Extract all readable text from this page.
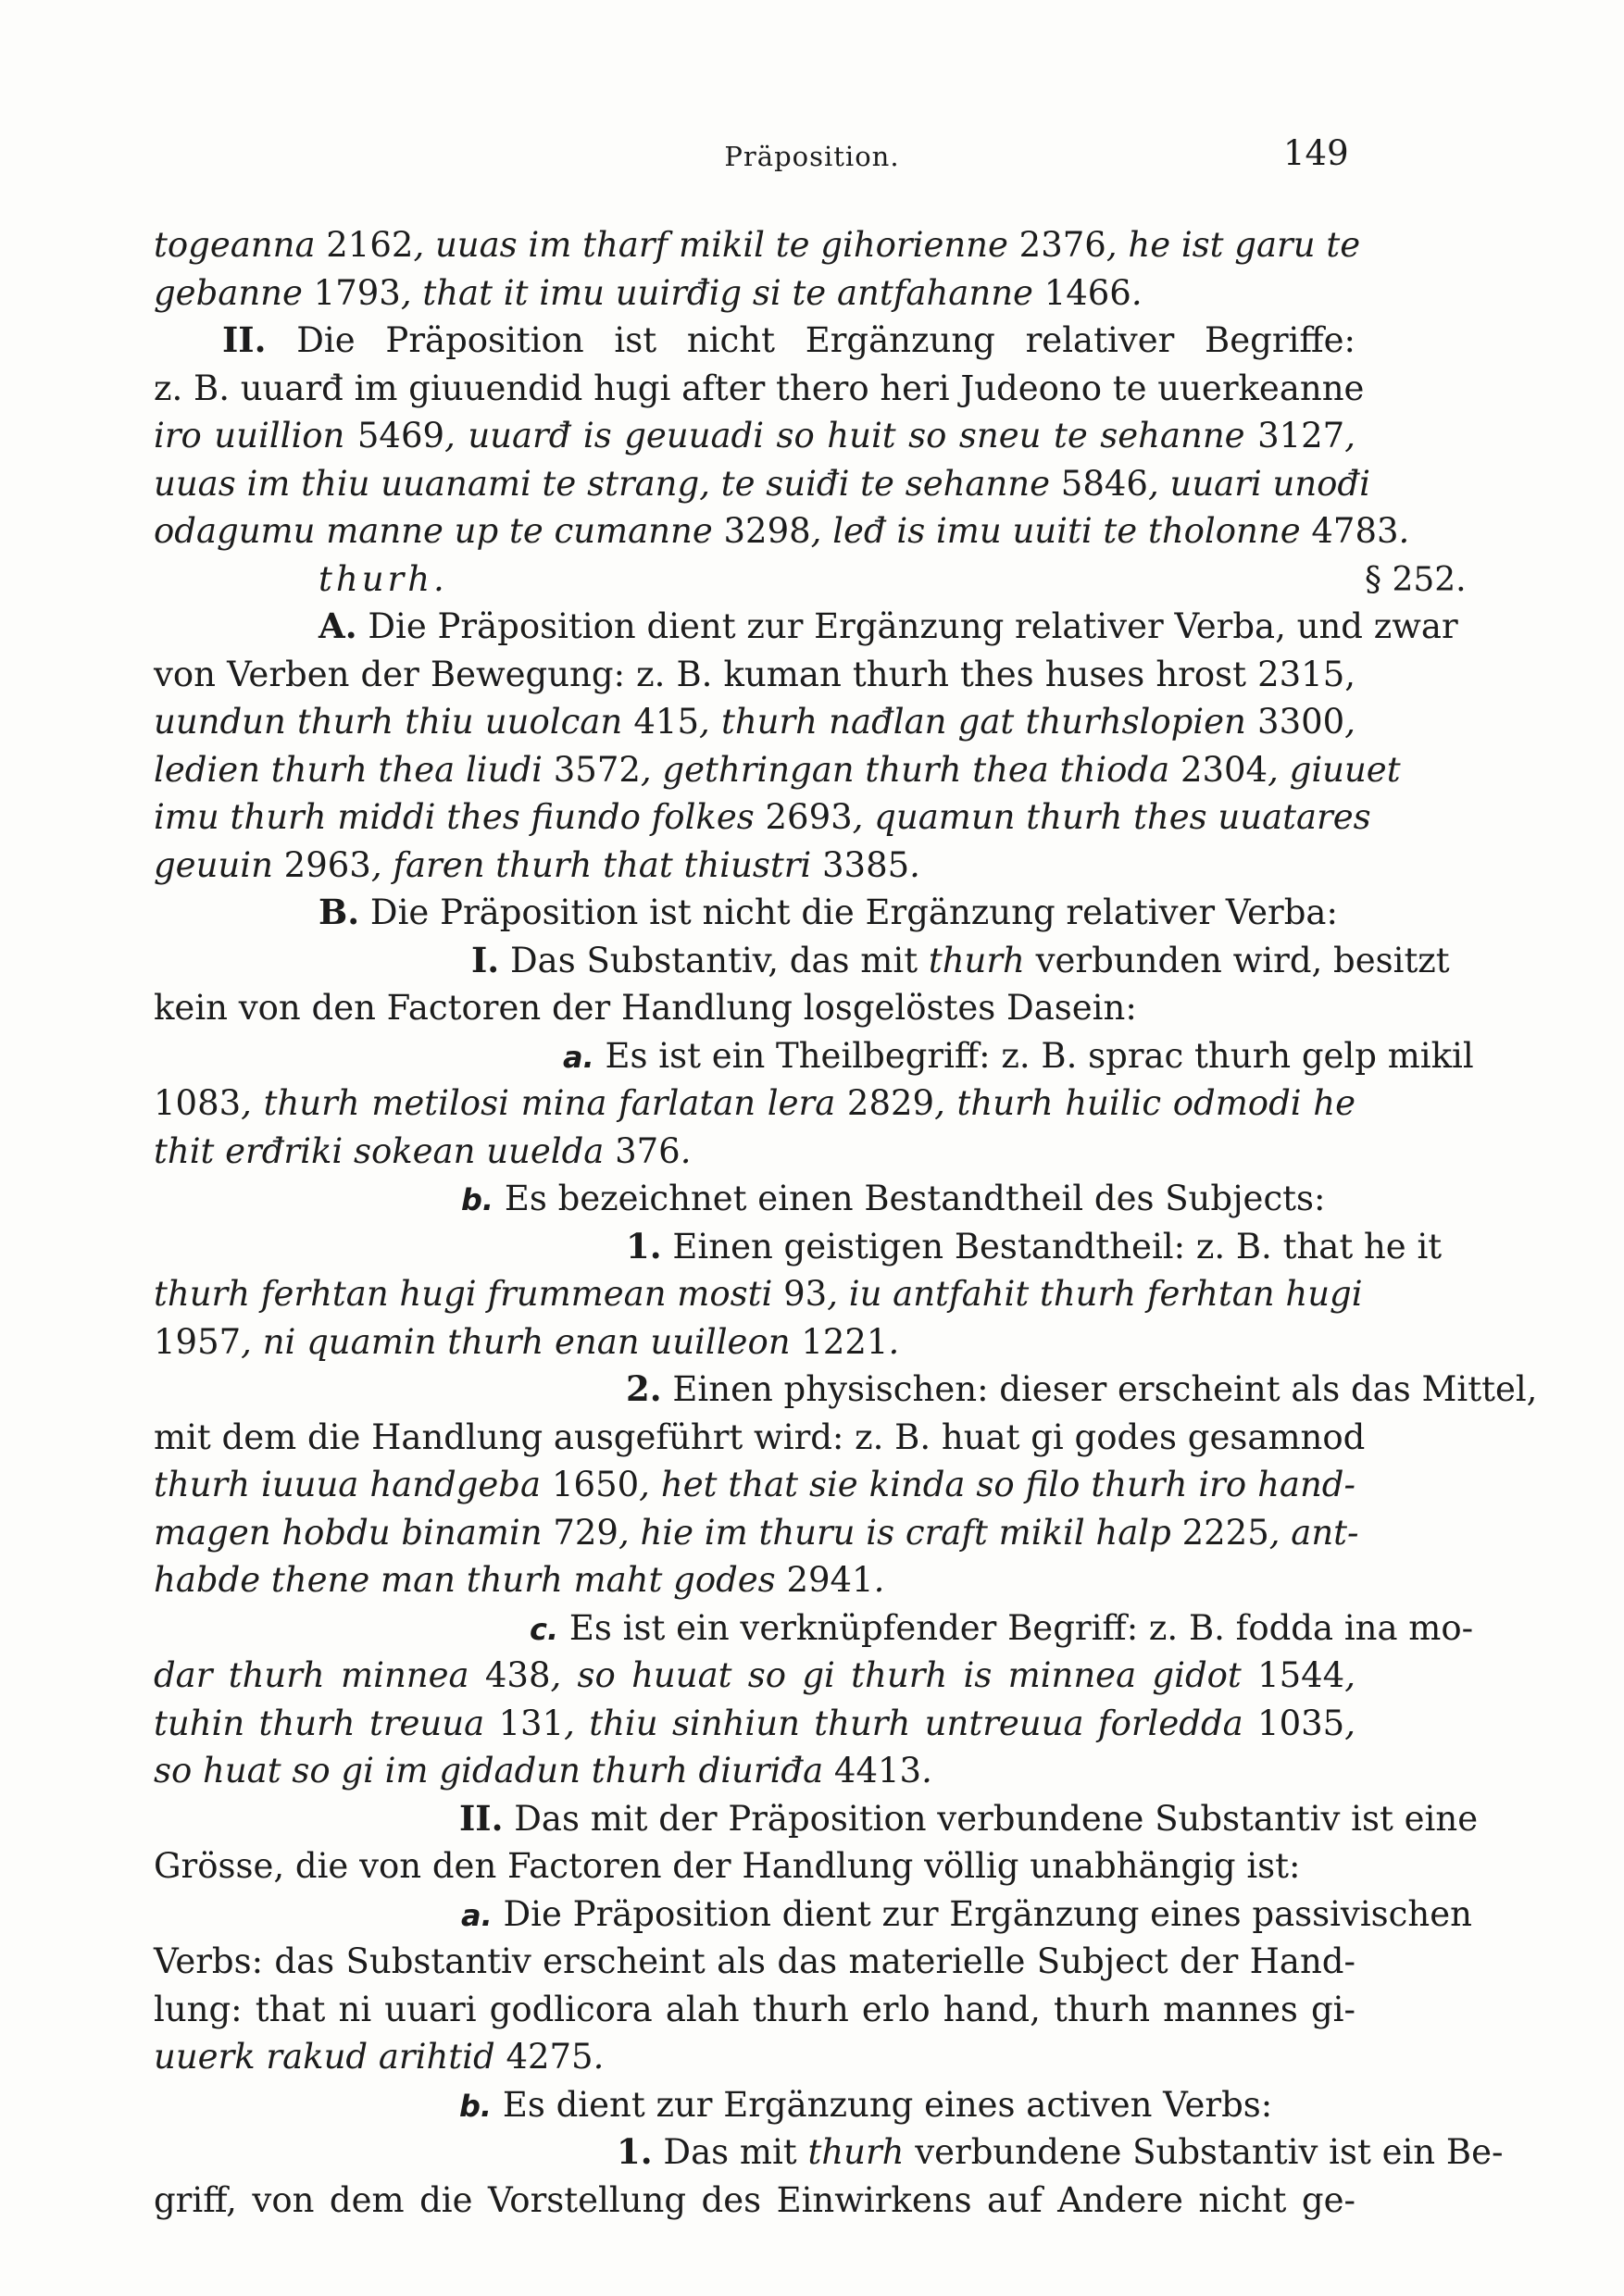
Präposition.	149
§ 252.
togeanna 2162, uuas im tharf mikil te gihorienne 2376, he ist garu te
gebanne 1793, that it imu uuirđig si te antfahanne 1466.
II. Die Präposition ist nicht Ergänzung relativer Begriffe:
z. B. uuarđ im giuuendid hugi after thero heri Judeono te uuerkeanne
iro uuillion 5469, uuarđ is geuuadi so huit so sneu te sehanne 3127,
uuas im thiu uuanami te strang, te suiđi te sehanne 5846, uuari unođi
odagumu manne up te cumanne 3298, leđ is imu uuiti te tholonne 4783.
thurh.
A. Die Präposition dient zur Ergänzung relativer Verba, und zwar
von Verben der Bewegung: z. B. kuman thurh thes huses hrost 2315,
uundun thurh thiu uuolcan 415, thurh nađlan gat thurhslopien 3300,
ledien thurh thea liudi 3572, gethringan thurh thea thioda 2304, giuuet
imu thurh middi thes fiundo folkes 2693, quamun thurh thes uuatares
geuuin 2963, faren thurh that thiustri 3385.
B. Die Präposition ist nicht die Ergänzung relativer Verba:
I. Das Substantiv, das mit thurh verbunden wird, besitzt
kein von den Factoren der Handlung losgelöstes Dasein:
a. Es ist ein Theilbegriff: z. B. sprac thurh gelp mikil
1083, thurh metilosi mina farlatan lera 2829, thurh huilic odmodi he
thit erđriki sokean uuelda 376.
b. Es bezeichnet einen Bestandtheil des Subjects:
1. Einen geistigen Bestandtheil: z. B. that he it
thurh ferhtan hugi frummean mosti 93, iu antfahit thurh ferhtan hugi
1957, ni quamin thurh enan uuilleon 1221.
2. Einen physischen: dieser erscheint als das Mittel,
mit dem die Handlung ausgeführt wird: z. B. huat gi godes gesamnod
thurh iuuua handgeba 1650, het that sie kinda so filo thurh iro hand-
magen hobdu binamin 729, hie im thuru is craft mikil halp 2225, ant-
habde thene man thurh maht godes 2941.
c. Es ist ein verknüpfender Begriff: z. B. fodda ina mo-
dar thurh minnea 438, so huuat so gi thurh is minnea gidot 1544,
tuhin thurh treuua 131, thiu sinhiun thurh untreuua forledda 1035,
so huat so gi im gidadun thurh diuriđa 4413.
II. Das mit der Präposition verbundene Substantiv ist eine
Grösse, die von den Factoren der Handlung völlig unabhängig ist:
a. Die Präposition dient zur Ergänzung eines passivischen
Verbs: das Substantiv erscheint als das materielle Subject der Hand-
lung: that ni uuari godlicora alah thurh erlo hand, thurh mannes gi-
uuerk rakud arihtid 4275.
b. Es dient zur Ergänzung eines activen Verbs:
1. Das mit thurh verbundene Substantiv ist ein Be-
griff, von dem die Vorstellung des Einwirkens auf Andere nicht ge-
